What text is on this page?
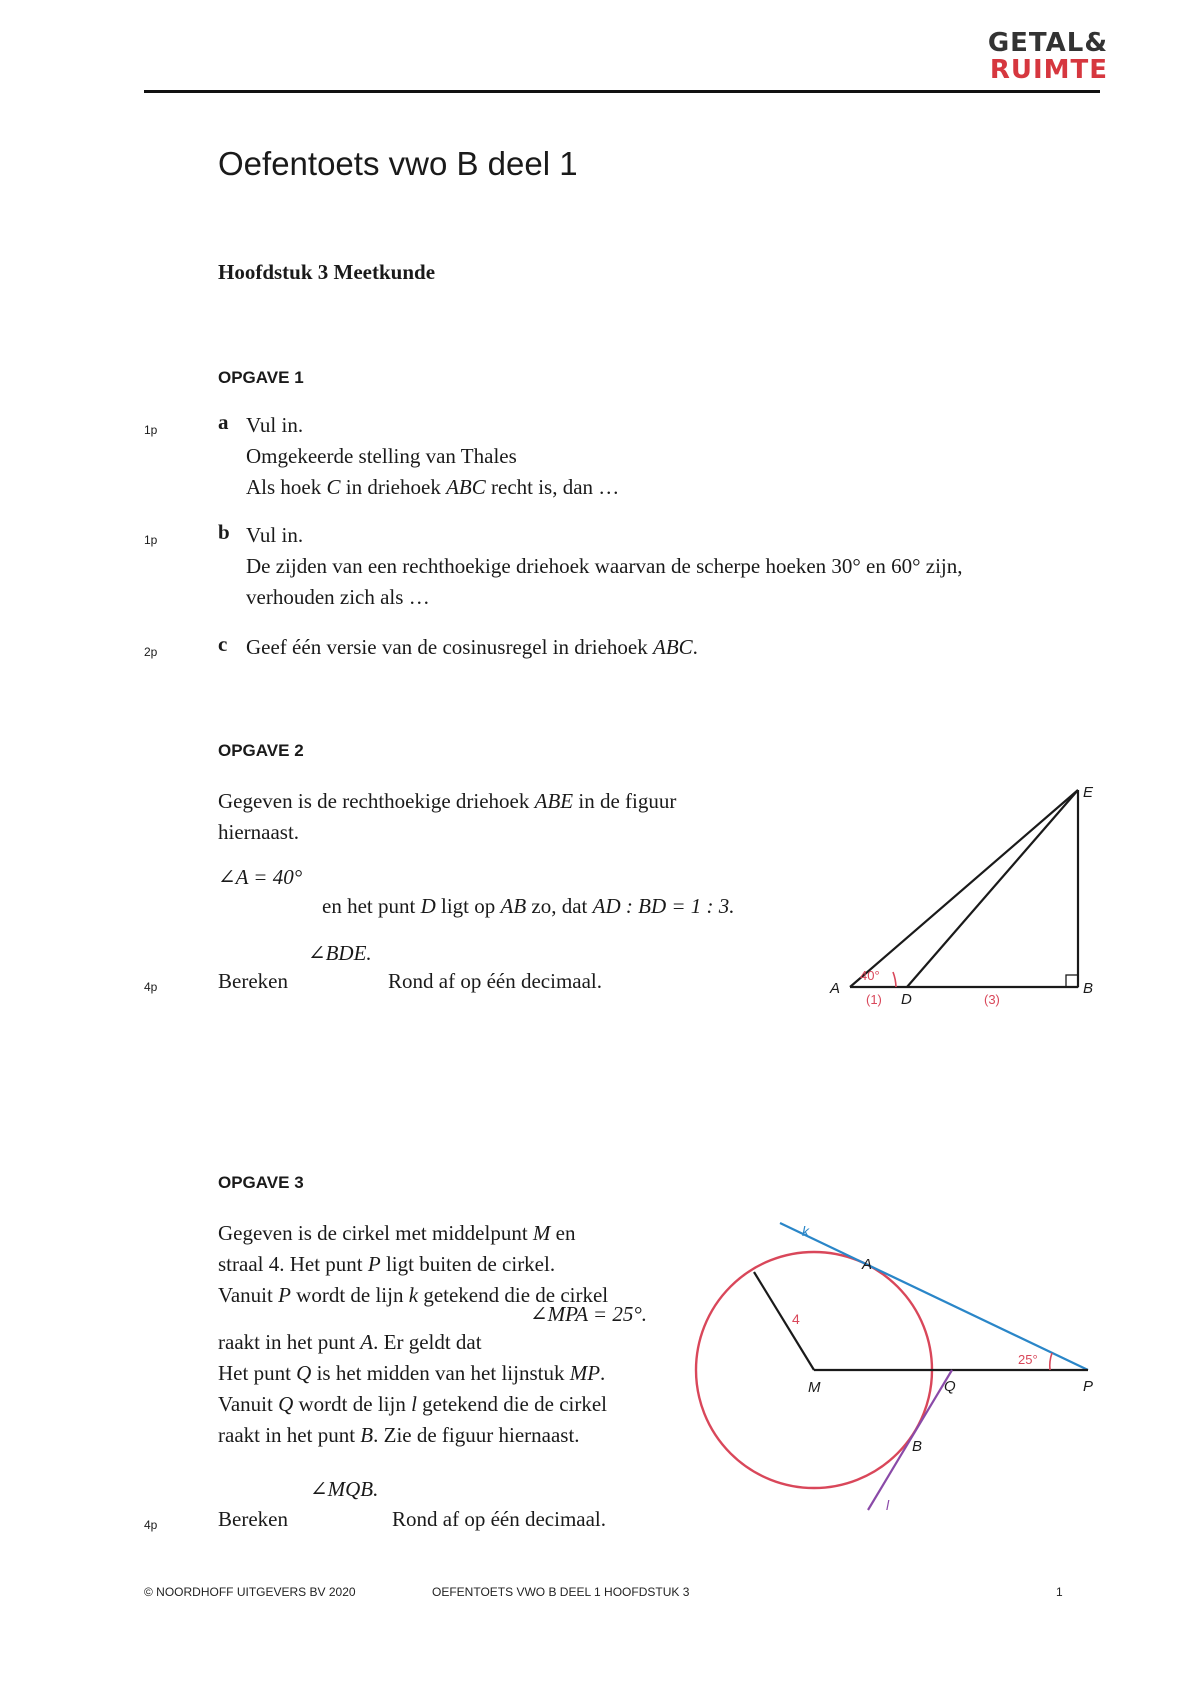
GETAL&
RUIMTE
Oefentoets vwo B deel 1
Hoofdstuk 3 Meetkunde
OPGAVE 1
1p	a Vul in.

Omgekeerde stelling van Thales

Als hoek C in driehoek ABC recht is, dan …

1p	b Vul in.

De zijden van een rechthoekige driehoek waarvan de scherpe hoeken 30° en 60° zijn,

verhouden zich als …

2p	c Geef één versie van de cosinusregel in driehoek ABC.

OPGAVE 2

Gegeven is de rechthoekige driehoek ABE in de figuur

hiernaast.

∠A = 40°
en het punt D ligt op AB zo, dat AD : BD = 1 : 3.
∠BDE.
4p	Bereken	Rond af op één decimaal.	40°
E
A
D
B
(1)	(3)
OPGAVE 3

Gegeven is de cirkel met middelpunt M en

straal 4. Het punt P ligt buiten de cirkel.

Vanuit P wordt de lijn k getekend die de cirkel

∠MPA = 25°.

raakt in het punt A. Er geldt dat

Het punt Q is het midden van het lijnstuk MP.

Vanuit Q wordt de lijn l getekend die de cirkel

raakt in het punt B. Zie de figuur hiernaast.

∠MQB.
4p	Bereken	Rond af op één decimaal.
k
A
4
M	Q	P
B
l
25°
© NOORDHOFF UITGEVERS BV 2020	OEFENTOETS VWO B DEEL 1 HOOFDSTUK 3	1
